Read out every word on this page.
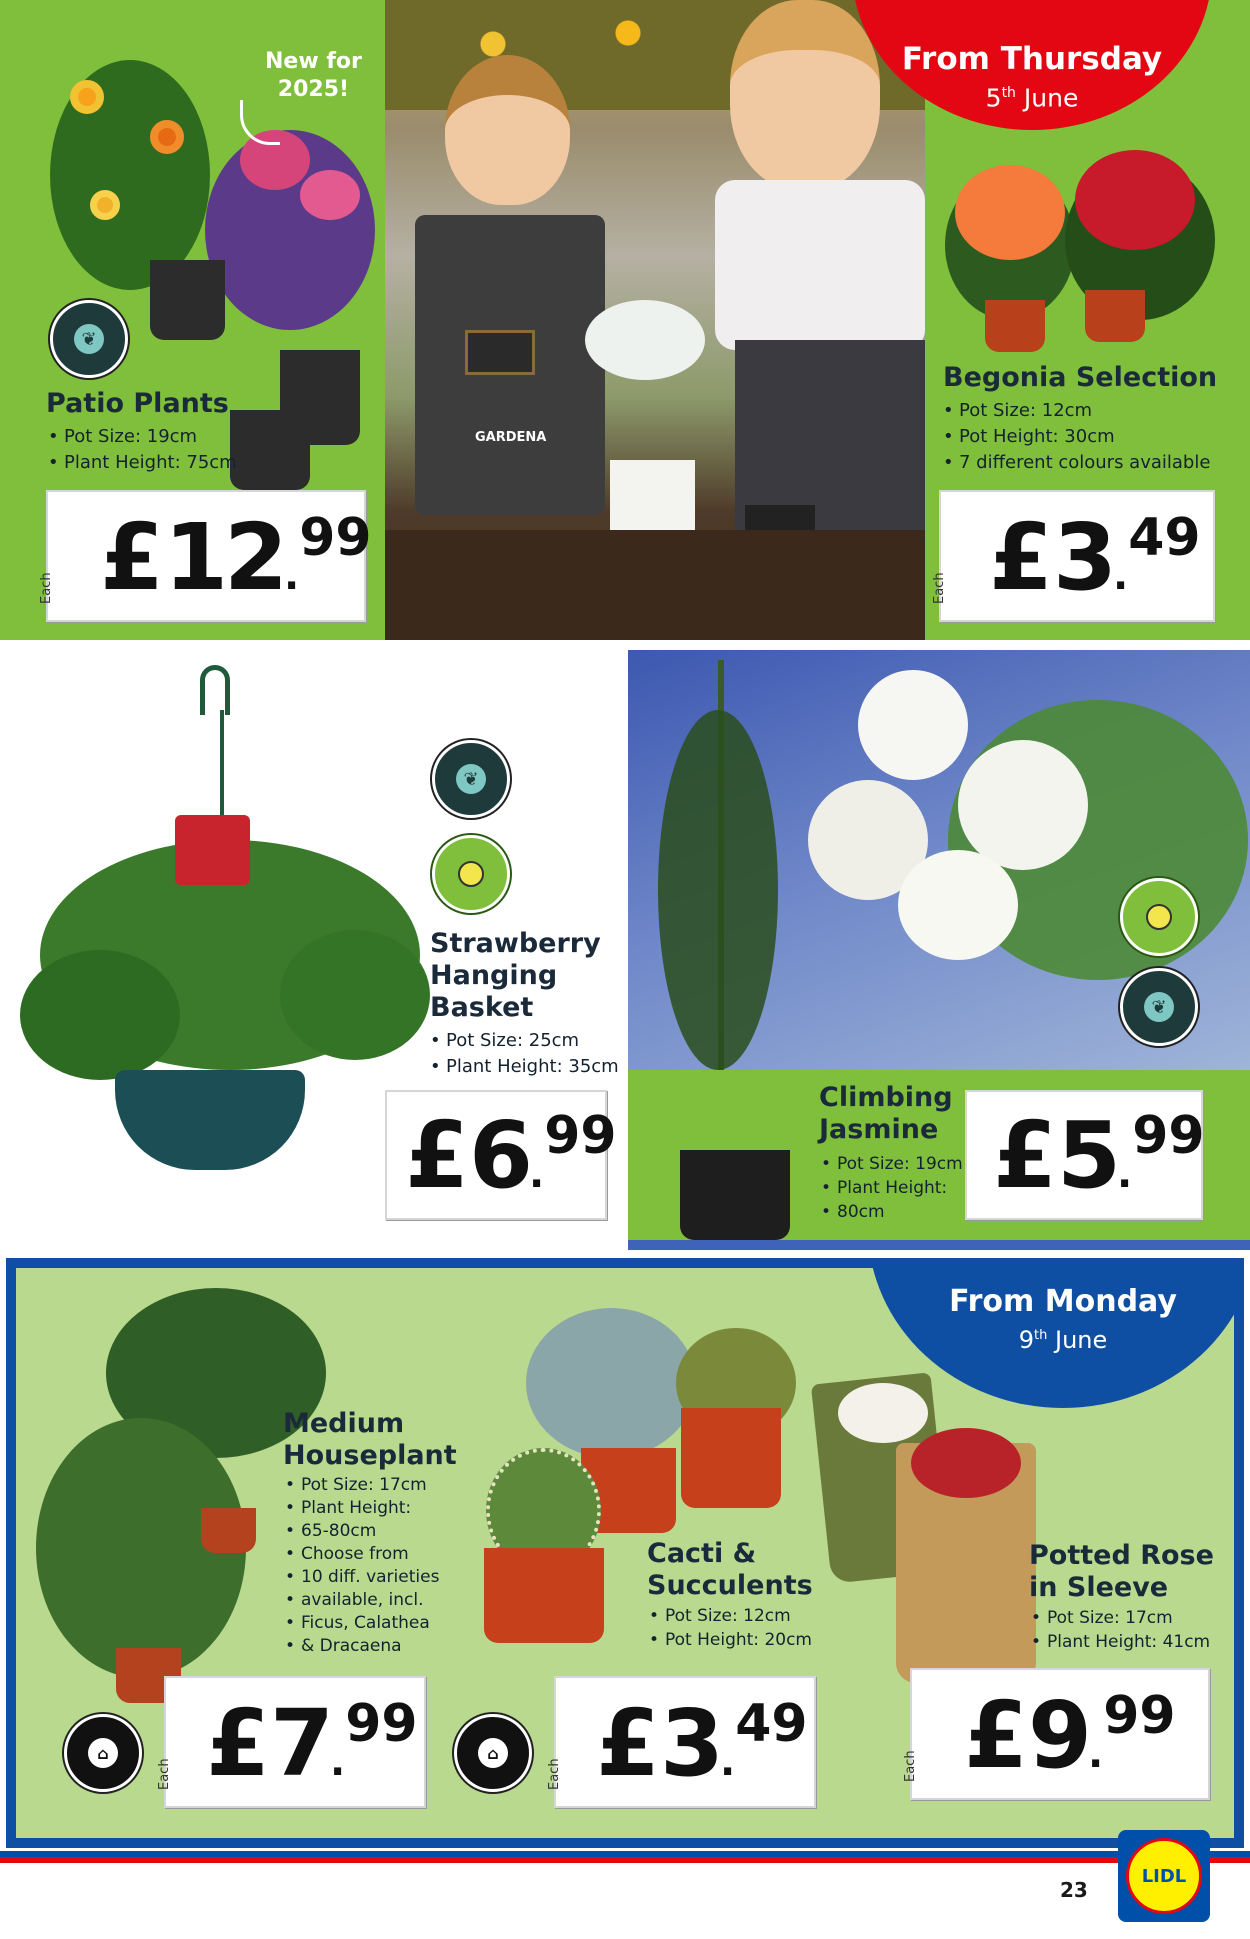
New for
2025!
❦
Patio Plants
• Pot Size: 19cm
• Plant Height: 75cm
Each £12.99
GARDENA
Begonia Selection
• Pot Size: 12cm
• Pot Height: 30cm
• 7 different colours available
Each £3.49
From Thursday
5th June
❦
Strawberry
Hanging
Basket
• Pot Size: 25cm
• Plant Height: 35cm
£6.99
❦
Climbing
Jasmine
• Pot Size: 19cm
• Plant Height:
• 80cm
£5.99
Medium
Houseplant
• Pot Size: 17cm
• Plant Height:
• 65-80cm
• Choose from
• 10 diff. varieties
• available, incl.
• Ficus, Calathea
• & Dracaena
⌂
Each £7.99
Cacti &
Succulents
• Pot Size: 12cm
• Pot Height: 20cm
⌂
Each £3.49
Potted Rose
in Sleeve
• Pot Size: 17cm
• Plant Height: 41cm
Each £9.99
From Monday
9th June
23
LIDL
